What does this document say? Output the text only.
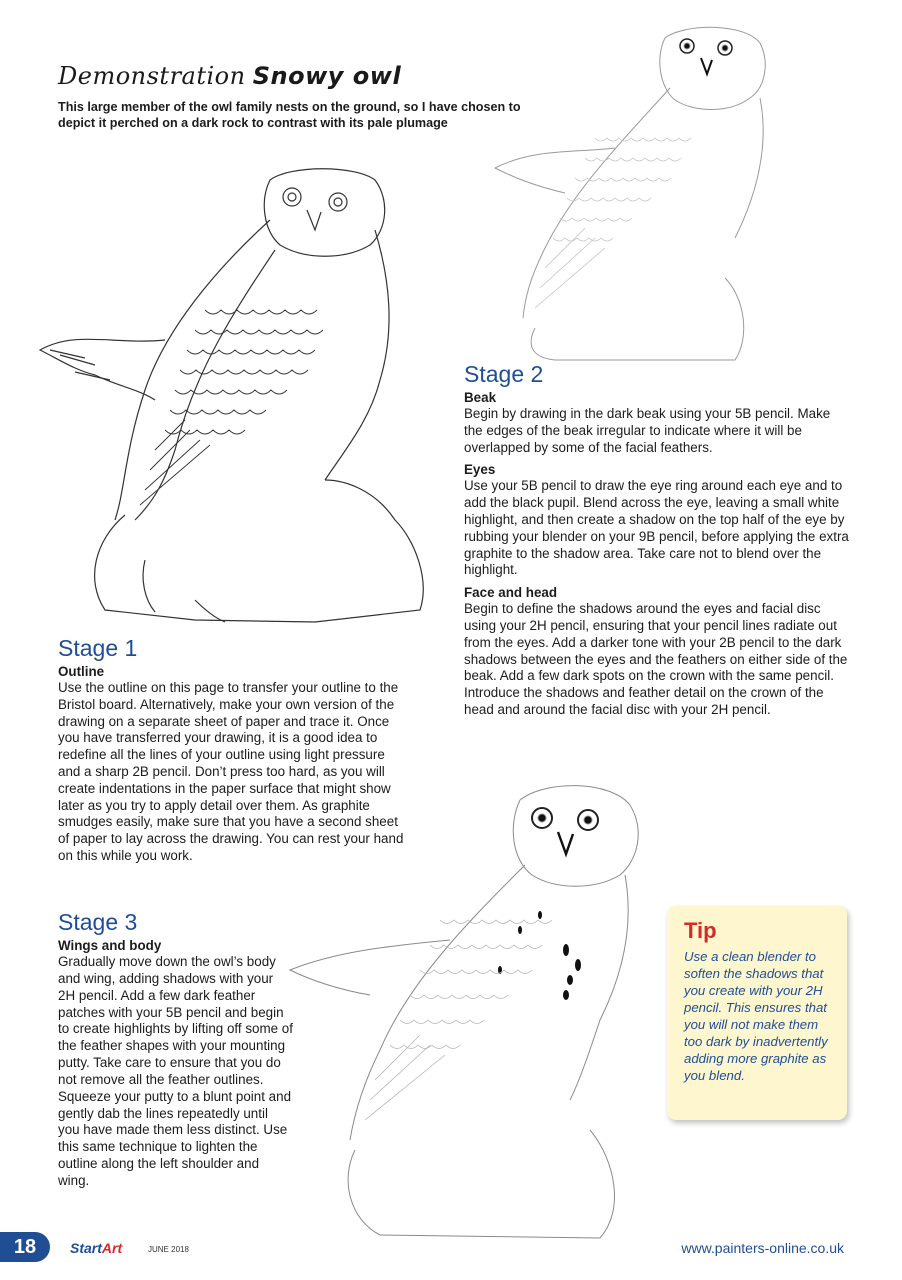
Demonstration Snowy owl
This large member of the owl family nests on the ground, so I have chosen to depict it perched on a dark rock to contrast with its pale plumage
Stage 1
Outline
Use the outline on this page to transfer your outline to the Bristol board. Alternatively, make your own version of the drawing on a separate sheet of paper and trace it. Once you have transferred your drawing, it is a good idea to redefine all the lines of your outline using light pressure and a sharp 2B pencil. Don’t press too hard, as you will create indentations in the paper surface that might show later as you try to apply detail over them. As graphite smudges easily, make sure that you have a second sheet of paper to lay across the drawing. You can rest your hand on this while you work.
Stage 2
Beak
Begin by drawing in the dark beak using your 5B pencil. Make the edges of the beak irregular to indicate where it will be overlapped by some of the facial feathers.
Eyes
Use your 5B pencil to draw the eye ring around each eye and to add the black pupil. Blend across the eye, leaving a small white highlight, and then create a shadow on the top half of the eye by rubbing your blender on your 9B pencil, before applying the extra graphite to the shadow area. Take care not to blend over the highlight.
Face and head
Begin to define the shadows around the eyes and facial disc using your 2H pencil, ensuring that your pencil lines radiate out from the eyes. Add a darker tone with your 2B pencil to the dark shadows between the eyes and the feathers on either side of the beak. Add a few dark spots on the crown with the same pencil. Introduce the shadows and feather detail on the crown of the head and around the facial disc with your 2H pencil.
Stage 3
Wings and body
Gradually move down the owl’s body and wing, adding shadows with your 2H pencil. Add a few dark feather patches with your 5B pencil and begin to create highlights by lifting off some of the feather shapes with your mounting putty. Take care to ensure that you do not remove all the feather outlines. Squeeze your putty to a blunt point and gently dab the lines repeatedly until you have made them less distinct. Use this same technique to lighten the outline along the left shoulder and wing.
Tip
Use a clean blender to soften the shadows that you create with your 2H pencil. This ensures that you will not make them too dark by inadvertently adding more graphite as you blend.
18	StartArt	JUNE 2018	www.painters-online.co.uk
